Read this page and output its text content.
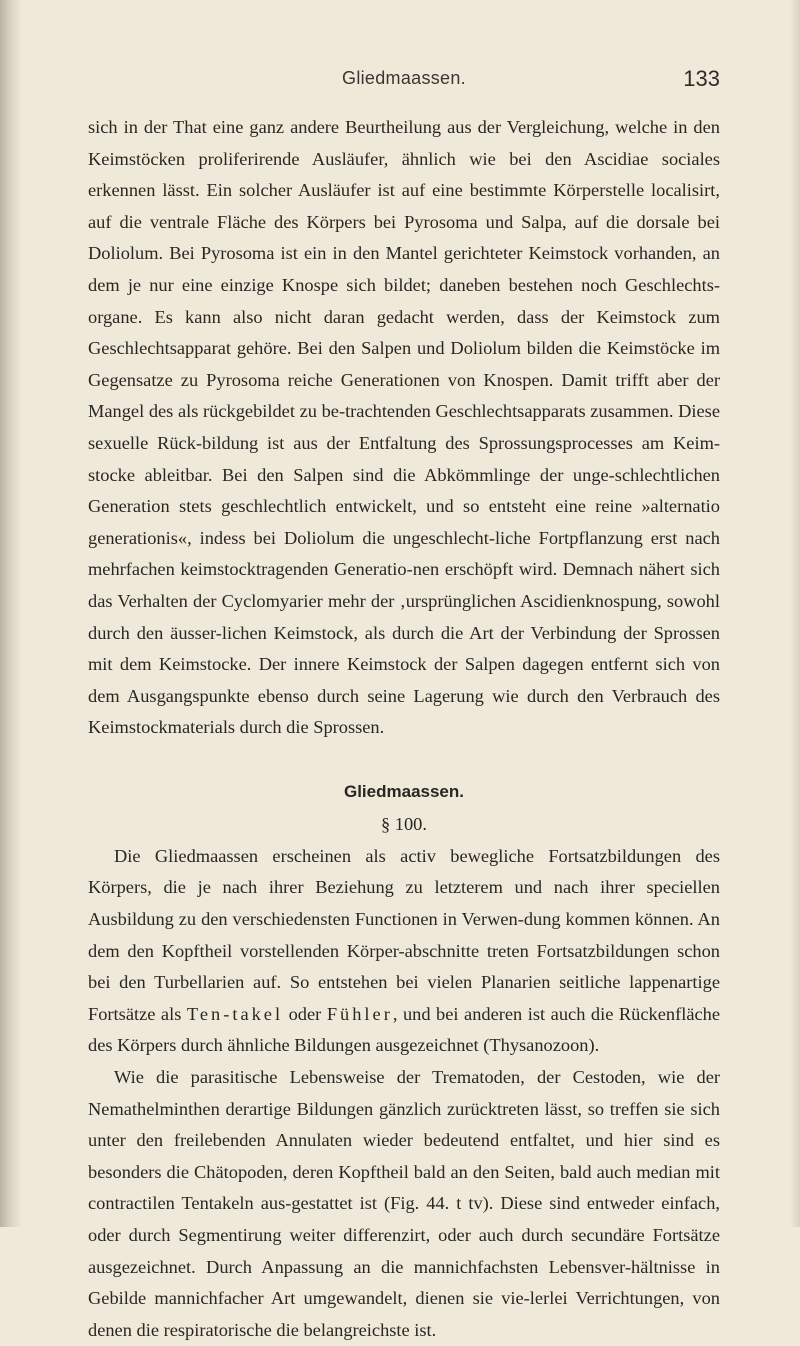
Gliedmaassen.	133

sich in der That eine ganz andere Beurtheilung aus der Vergleichung, welche in den Keimstöcken proliferirende Ausläufer, ähnlich wie bei den Ascidiae sociales erkennen lässt. Ein solcher Ausläufer ist auf eine bestimmte Körperstelle localisirt, auf die ventrale Fläche des Körpers bei Pyrosoma und Salpa, auf die dorsale bei Doliolum. Bei Pyrosoma ist ein in den Mantel gerichteter Keimstock vorhanden, an dem je nur eine einzige Knospe sich bildet; daneben bestehen noch Geschlechts-organe. Es kann also nicht daran gedacht werden, dass der Keimstock zum Geschlechtsapparat gehöre. Bei den Salpen und Doliolum bilden die Keimstöcke im Gegensatze zu Pyrosoma reiche Generationen von Knospen. Damit trifft aber der Mangel des als rückgebildet zu be-trachtenden Geschlechtsapparats zusammen. Diese sexuelle Rück-bildung ist aus der Entfaltung des Sprossungsprocesses am Keim-stocke ableitbar. Bei den Salpen sind die Abkömmlinge der unge-schlechtlichen Generation stets geschlechtlich entwickelt, und so entsteht eine reine »alternatio generationis«, indess bei Doliolum die ungeschlecht-liche Fortpflanzung erst nach mehrfachen keimstocktragenden Generatio-nen erschöpft wird. Demnach nähert sich das Verhalten der Cyclomyarier mehr der ‚ursprünglichen Ascidienknospung, sowohl durch den äusser-lichen Keimstock, als durch die Art der Verbindung der Sprossen mit dem Keimstocke. Der innere Keimstock der Salpen dagegen entfernt sich von dem Ausgangspunkte ebenso durch seine Lagerung wie durch den Verbrauch des Keimstockmaterials durch die Sprossen.

Gliedmaassen.
§ 100.

Die Gliedmaassen erscheinen als activ bewegliche Fortsatzbildungen des Körpers, die je nach ihrer Beziehung zu letzterem und nach ihrer speciellen Ausbildung zu den verschiedensten Functionen in Verwen-dung kommen können. An dem den Kopftheil vorstellenden Körper-abschnitte treten Fortsatzbildungen schon bei den Turbellarien auf. So entstehen bei vielen Planarien seitliche lappenartige Fortsätze als Ten-takel oder Fühler, und bei anderen ist auch die Rückenfläche des Körpers durch ähnliche Bildungen ausgezeichnet (Thysanozoon).

Wie die parasitische Lebensweise der Trematoden, der Cestoden, wie der Nemathelminthen derartige Bildungen gänzlich zurücktreten lässt, so treffen sie sich unter den freilebenden Annulaten wieder bedeutend entfaltet, und hier sind es besonders die Chätopoden, deren Kopftheil bald an den Seiten, bald auch median mit contractilen Tentakeln aus-gestattet ist (Fig. 44. t tv). Diese sind entweder einfach, oder durch Segmentirung weiter differenzirt, oder auch durch secundäre Fortsätze ausgezeichnet. Durch Anpassung an die mannichfachsten Lebensver-hältnisse in Gebilde mannichfacher Art umgewandelt, dienen sie vie-lerlei Verrichtungen, von denen die respiratorische die belangreichste ist.
